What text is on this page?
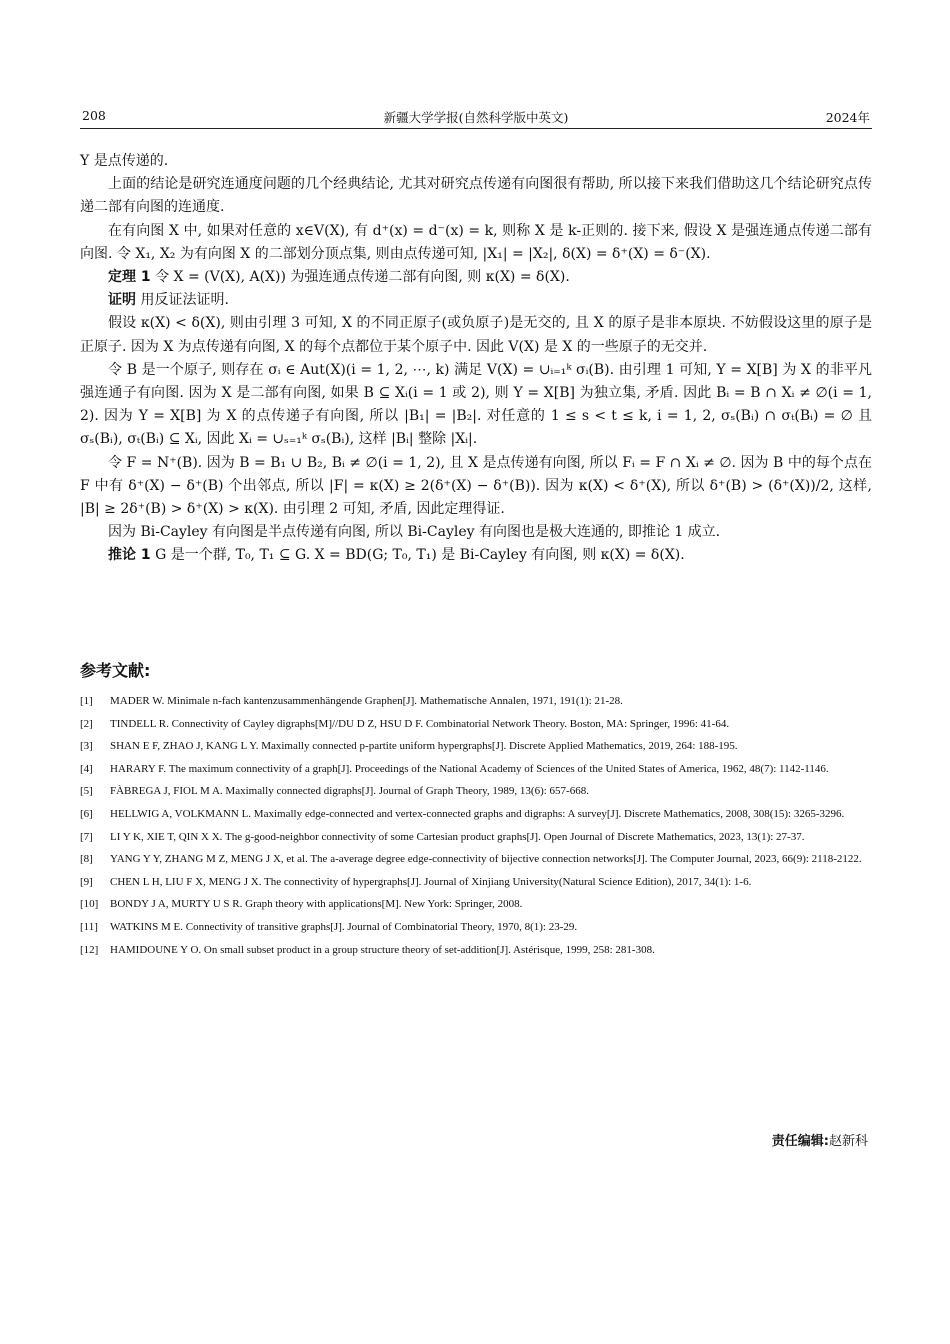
208	新疆大学学报(自然科学版中英文)	2024年

Y 是点传递的.

上面的结论是研究连通度问题的几个经典结论, 尤其对研究点传递有向图很有帮助, 所以接下来我们借助这几个结论研究点传递二部有向图的连通度.

在有向图 X 中, 如果对任意的 x∈V(X), 有 d⁺(x) = d⁻(x) = k, 则称 X 是 k-正则的. 接下来, 假设 X 是强连通点传递二部有向图. 令 X₁, X₂ 为有向图 X 的二部划分顶点集, 则由点传递可知, |X₁| = |X₂|, δ(X) = δ⁺(X) = δ⁻(X).

定理 1 令 X = (V(X), A(X)) 为强连通点传递二部有向图, 则 κ(X) = δ(X).

证明 用反证法证明.

假设 κ(X) < δ(X), 则由引理 3 可知, X 的不同正原子(或负原子)是无交的, 且 X 的原子是非本原块. 不妨假设这里的原子是正原子. 因为 X 为点传递有向图, X 的每个点都位于某个原子中. 因此 V(X) 是 X 的一些原子的无交并.

令 B 是一个原子, 则存在 σᵢ ∈ Aut(X)(i = 1, 2, ⋯, k) 满足 V(X) = ∪ᵢ₌₁ᵏ σᵢ(B). 由引理 1 可知, Y = X[B] 为 X 的非平凡强连通子有向图. 因为 X 是二部有向图, 如果 B ⊆ Xᵢ(i = 1 或 2), 则 Y = X[B] 为独立集, 矛盾. 因此 Bᵢ = B ∩ Xᵢ ≠ ∅(i = 1, 2). 因为 Y = X[B] 为 X 的点传递子有向图, 所以 |B₁| = |B₂|. 对任意的 1 ≤ s < t ≤ k, i = 1, 2, σₛ(Bᵢ) ∩ σₜ(Bᵢ) = ∅ 且 σₛ(Bᵢ), σₜ(Bᵢ) ⊆ Xᵢ, 因此 Xᵢ = ∪ₛ₌₁ᵏ σₛ(Bᵢ), 这样 |Bᵢ| 整除 |Xᵢ|.

令 F = N⁺(B). 因为 B = B₁ ∪ B₂, Bᵢ ≠ ∅(i = 1, 2), 且 X 是点传递有向图, 所以 Fᵢ = F ∩ Xᵢ ≠ ∅. 因为 B 中的每个点在 F 中有 δ⁺(X) − δ⁺(B) 个出邻点, 所以 |F| = κ(X) ≥ 2(δ⁺(X) − δ⁺(B)). 因为 κ(X) < δ⁺(X), 所以 δ⁺(B) > (δ⁺(X))/2, 这样, |B| ≥ 2δ⁺(B) > δ⁺(X) > κ(X). 由引理 2 可知, 矛盾, 因此定理得证.

因为 Bi-Cayley 有向图是半点传递有向图, 所以 Bi-Cayley 有向图也是极大连通的, 即推论 1 成立.

推论 1 G 是一个群, T₀, T₁ ⊆ G. X = BD(G; T₀, T₁) 是 Bi-Cayley 有向图, 则 κ(X) = δ(X).

参考文献:
[1] MADER W. Minimale n-fach kantenzusammenhängende Graphen[J]. Mathematische Annalen, 1971, 191(1): 21-28.
[2] TINDELL R. Connectivity of Cayley digraphs[M]//DU D Z, HSU D F. Combinatorial Network Theory. Boston, MA: Springer, 1996: 41-64.
[3] SHAN E F, ZHAO J, KANG L Y. Maximally connected p-partite uniform hypergraphs[J]. Discrete Applied Mathematics, 2019, 264: 188-195.
[4] HARARY F. The maximum connectivity of a graph[J]. Proceedings of the National Academy of Sciences of the United States of America, 1962, 48(7): 1142-1146.
[5] FÀBREGA J, FIOL M A. Maximally connected digraphs[J]. Journal of Graph Theory, 1989, 13(6): 657-668.
[6] HELLWIG A, VOLKMANN L. Maximally edge-connected and vertex-connected graphs and digraphs: A survey[J]. Discrete Mathematics, 2008, 308(15): 3265-3296.
[7] LI Y K, XIE T, QIN X X. The g-good-neighbor connectivity of some Cartesian product graphs[J]. Open Journal of Discrete Mathematics, 2023, 13(1): 27-37.
[8] YANG Y Y, ZHANG M Z, MENG J X, et al. The a-average degree edge-connectivity of bijective connection networks[J]. The Computer Journal, 2023, 66(9): 2118-2122.
[9] CHEN L H, LIU F X, MENG J X. The connectivity of hypergraphs[J]. Journal of Xinjiang University(Natural Science Edition), 2017, 34(1): 1-6.
[10] BONDY J A, MURTY U S R. Graph theory with applications[M]. New York: Springer, 2008.
[11] WATKINS M E. Connectivity of transitive graphs[J]. Journal of Combinatorial Theory, 1970, 8(1): 23-29.
[12] HAMIDOUNE Y O. On small subset product in a group structure theory of set-addition[J]. Astérisque, 1999, 258: 281-308.
责任编辑:赵新科
